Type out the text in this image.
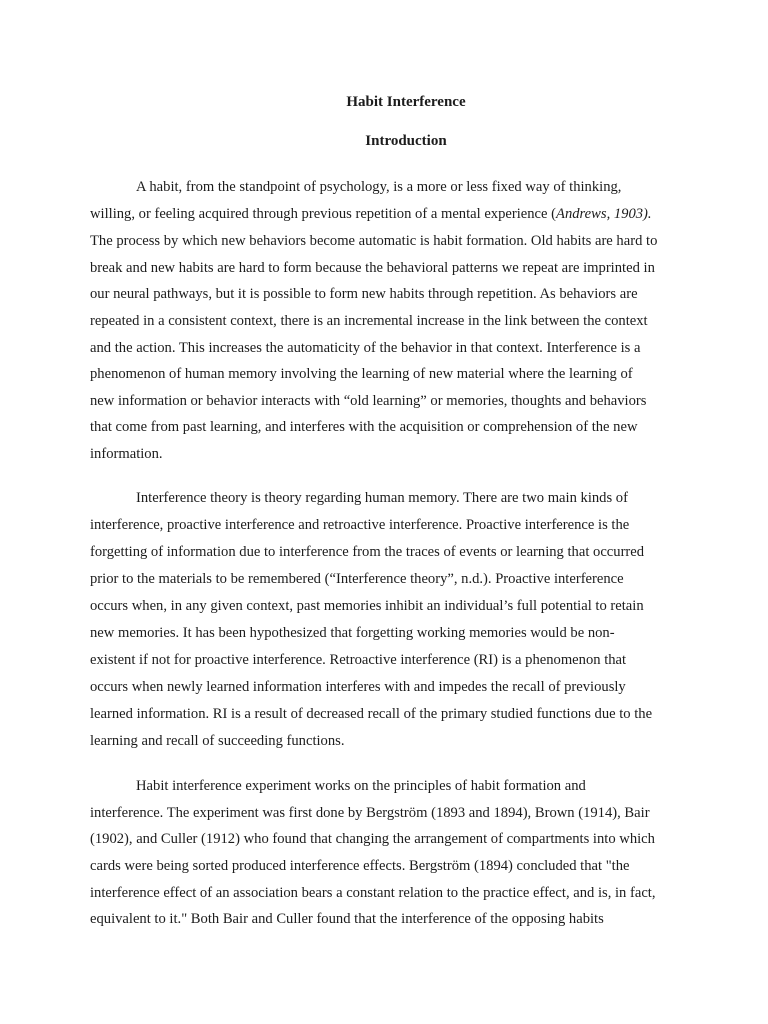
Habit Interference
Introduction

A habit, from the standpoint of psychology, is a more or less fixed way of thinking,

willing, or feeling acquired through previous repetition of a mental experience (Andrews, 1903).

The process by which new behaviors become automatic is habit formation. Old habits are hard to

break and new habits are hard to form because the behavioral patterns we repeat are imprinted in

our neural pathways, but it is possible to form new habits through repetition. As behaviors are

repeated in a consistent context, there is an incremental increase in the link between the context

and the action. This increases the automaticity of the behavior in that context. Interference is a

phenomenon of human memory involving the learning of new material where the learning of

new information or behavior interacts with “old learning” or memories, thoughts and behaviors

that come from past learning, and interferes with the acquisition or comprehension of the new

information.

Interference theory is theory regarding human memory. There are two main kinds of

interference, proactive interference and retroactive interference. Proactive interference is the

forgetting of information due to interference from the traces of events or learning that occurred

prior to the materials to be remembered (“Interference theory”, n.d.). Proactive interference

occurs when, in any given context, past memories inhibit an individual’s full potential to retain

new memories. It has been hypothesized that forgetting working memories would be non-

existent if not for proactive interference. Retroactive interference (RI) is a phenomenon that

occurs when newly learned information interferes with and impedes the recall of previously

learned information. RI is a result of decreased recall of the primary studied functions due to the

learning and recall of succeeding functions.

Habit interference experiment works on the principles of habit formation and

interference. The experiment was first done by Bergström (1893 and 1894), Brown (1914), Bair

(1902), and Culler (1912) who found that changing the arrangement of compartments into which

cards were being sorted produced interference effects. Bergström (1894) concluded that "the

interference effect of an association bears a constant relation to the practice effect, and is, in fact,

equivalent to it." Both Bair and Culler found that the interference of the opposing habits
